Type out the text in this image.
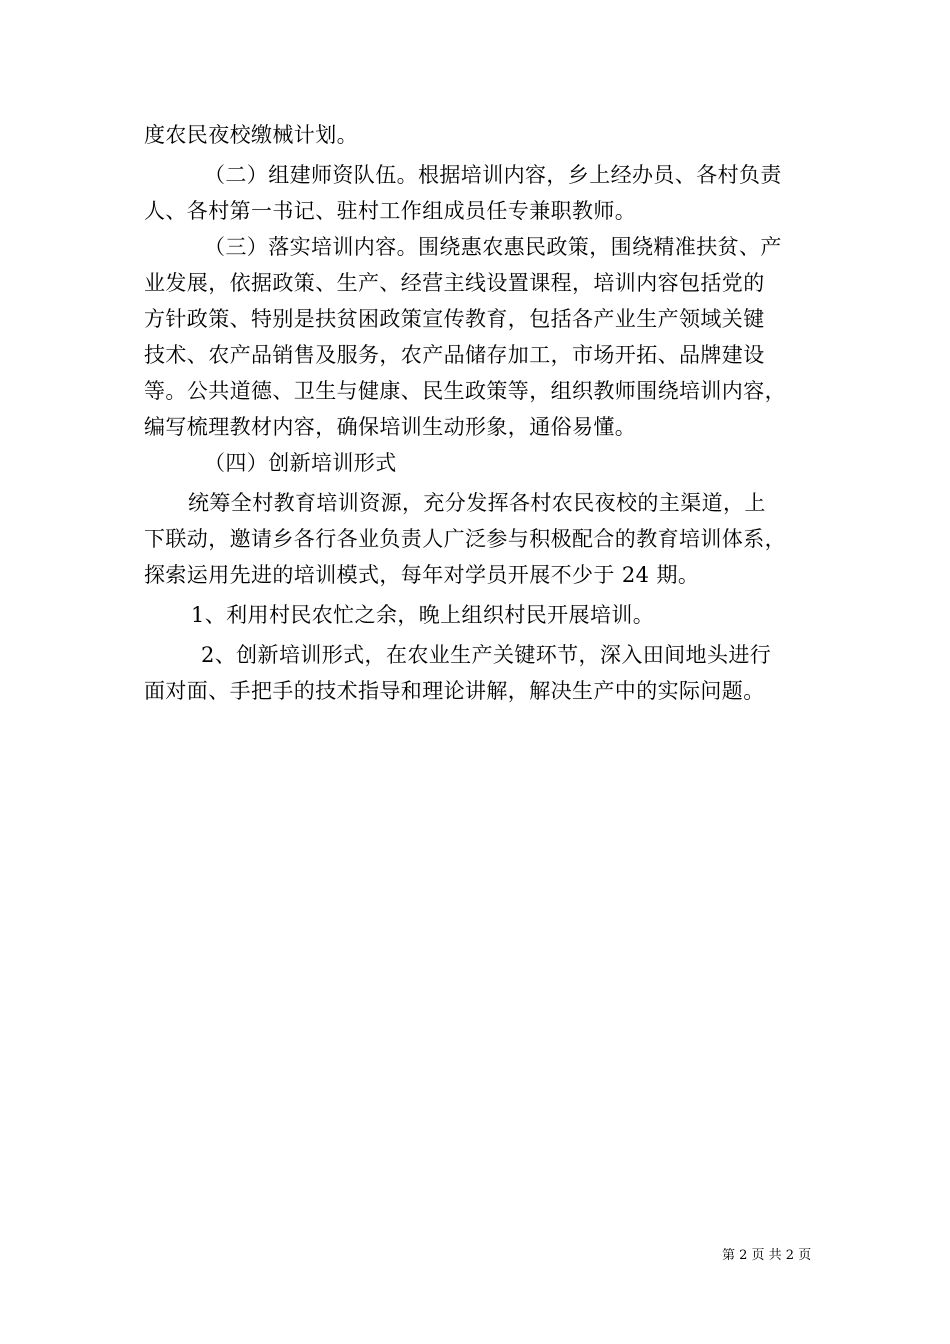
度农民夜校缴械计划。
（二）组建师资队伍。根据培训内容，乡上经办员、各村负责
人、各村第一书记、驻村工作组成员任专兼职教师。
（三）落实培训内容。围绕惠农惠民政策，围绕精准扶贫、产
业发展，依据政策、生产、经营主线设置课程，培训内容包括党的
方针政策、特别是扶贫困政策宣传教育，包括各产业生产领域关键
技术、农产品销售及服务，农产品储存加工，市场开拓、品牌建设
等。公共道德、卫生与健康、民生政策等，组织教师围绕培训内容，
编写梳理教材内容，确保培训生动形象，通俗易懂。
（四）创新培训形式
统筹全村教育培训资源，充分发挥各村农民夜校的主渠道，上
下联动，邀请乡各行各业负责人广泛参与积极配合的教育培训体系，
探索运用先进的培训模式，每年对学员开展不少于 24 期。
1、利用村民农忙之余，晚上组织村民开展培训。
2、创新培训形式，在农业生产关键环节，深入田间地头进行
面对面、手把手的技术指导和理论讲解，解决生产中的实际问题。
第 2 页 共 2 页
